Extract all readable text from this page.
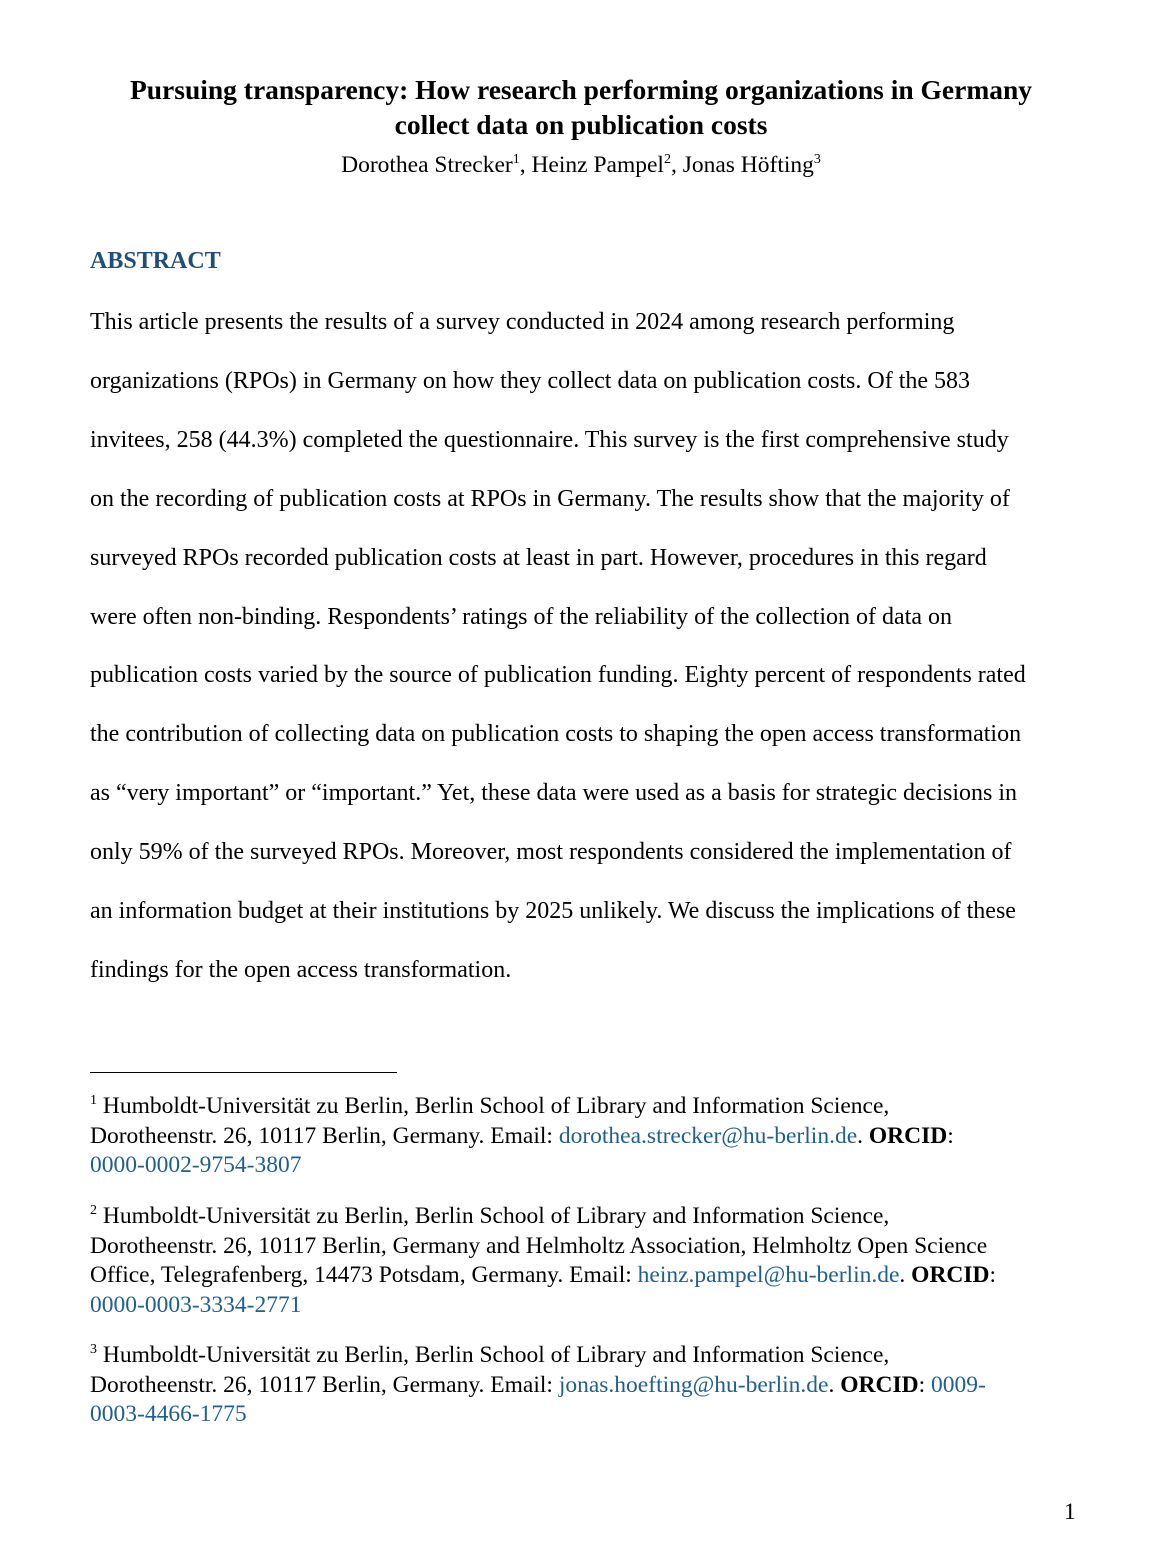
Pursuing transparency: How research performing organizations in Germany
collect data on publication costs
Dorothea Strecker$^1$, Heinz Pampel$^2$, Jonas Höfting$^3$
ABSTRACT

This article presents the results of a survey conducted in 2024 among research performing
organizations (RPOs) in Germany on how they collect data on publication costs. Of the 583
invitees, 258 (44.3%) completed the questionnaire. This survey is the first comprehensive study
on the recording of publication costs at RPOs in Germany. The results show that the majority of
surveyed RPOs recorded publication costs at least in part. However, procedures in this regard
were often non-binding. Respondents’ ratings of the reliability of the collection of data on
publication costs varied by the source of publication funding. Eighty percent of respondents rated
the contribution of collecting data on publication costs to shaping the open access transformation
as “very important” or “important.” Yet, these data were used as a basis for strategic decisions in
only 59% of the surveyed RPOs. Moreover, most respondents considered the implementation of
an information budget at their institutions by 2025 unlikely. We discuss the implications of these
findings for the open access transformation.

$^1$ Humboldt-Universität zu Berlin, Berlin School of Library and Information Science,
Dorotheenstr. 26, 10117 Berlin, Germany. Email: dorothea.strecker@hu-berlin.de. ORCID:
0000-0002-9754-3807

$^2$ Humboldt-Universität zu Berlin, Berlin School of Library and Information Science,
Dorotheenstr. 26, 10117 Berlin, Germany and Helmholtz Association, Helmholtz Open Science
Office, Telegrafenberg, 14473 Potsdam, Germany. Email: heinz.pampel@hu-berlin.de. ORCID:
0000-0003-3334-2771

$^3$ Humboldt-Universität zu Berlin, Berlin School of Library and Information Science,
Dorotheenstr. 26, 10117 Berlin, Germany. Email: jonas.hoefting@hu-berlin.de. ORCID: 0009-
0003-4466-1775

1
